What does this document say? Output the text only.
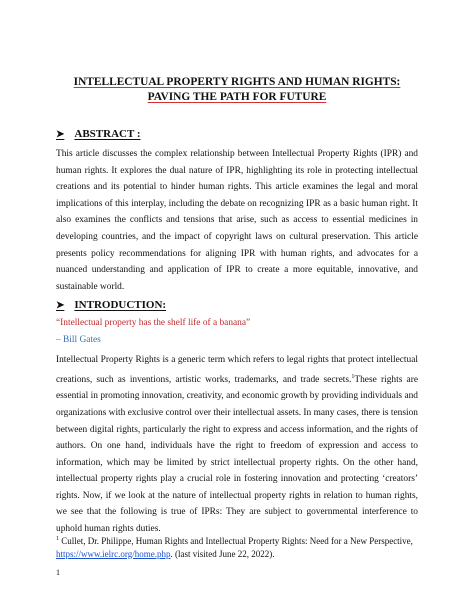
INTELLECTUAL PROPERTY RIGHTS AND HUMAN RIGHTS: PAVING THE PATH FOR FUTURE
➤ ABSTRACT :
This article discusses the complex relationship between Intellectual Property Rights (IPR) and human rights. It explores the dual nature of IPR, highlighting its role in protecting intellectual creations and its potential to hinder human rights. This article examines the legal and moral implications of this interplay, including the debate on recognizing IPR as a basic human right. It also examines the conflicts and tensions that arise, such as access to essential medicines in developing countries, and the impact of copyright laws on cultural preservation. This article presents policy recommendations for aligning IPR with human rights, and advocates for a nuanced understanding and application of IPR to create a more equitable, innovative, and sustainable world.
➤ INTRODUCTION:
“Intellectual property has the shelf life of a banana”
– Bill Gates
Intellectual Property Rights is a generic term which refers to legal rights that protect intellectual creations, such as inventions, artistic works, trademarks, and trade secrets.$^1$These rights are essential in promoting innovation, creativity, and economic growth by providing individuals and organizations with exclusive control over their intellectual assets. In many cases, there is tension between digital rights, particularly the right to express and access information, and the rights of authors. On one hand, individuals have the right to freedom of expression and access to information, which may be limited by strict intellectual property rights. On the other hand, intellectual property rights play a crucial role in fostering innovation and protecting ‘creators’ rights. Now, if we look at the nature of intellectual property rights in relation to human rights, we see that the following is true of IPRs: They are subject to governmental interference to uphold human rights duties.
$^1$ Cullet, Dr. Philippe, Human Rights and Intellectual Property Rights: Need for a New Perspective, https://www.ielrc.org/home.php. (last visited June 22, 2022).
1
